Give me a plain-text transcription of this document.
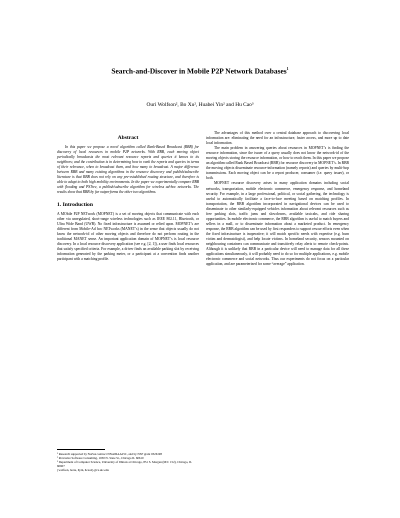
Search-and-Discover in Mobile P2P Network Databases$^1$
Ouri Wolfson², Bo Xu², Huabei Yin² and Hu Cao³
Abstract

In this paper we propose a novel algorithm called Rank-Based Broadcast (RBB) for discovery of local resources in mobile P2P networks. With RBB, each moving object periodically broadcasts the most relevant resource reports and queries it knows to its neighbors; and the contribution is in determining how to rank the reports and queries in terms of their relevance, when to broadcast them, and how many to broadcast. A major difference between RBB and many existing algorithms in the resource discovery and publish/subscribe literature is that RBB does not rely on any pre-established routing structure, and therefore is able to adapt to both high mobility environments. In the paper we experimentally compare RBB with flooding and PSTree, a publish/subscribe algorithm for wireless ad-hoc networks. The results show that RBB by far outperforms the other two algorithms.

1. Introduction

A MObile P2P NETwork (MOPNET) is a set of moving objects that communicate with each other via unregulated, short-range wireless technologies such as IEEE 802.11, Bluetooth, or Ultra Wide Band (UWB). No fixed infrastructure is assumed or relied upon. MOPNET’s are different from Mobile-Ad hoc NETworks (MANET’s) in the sense that objects usually do not know the network-id of other moving objects and therefore do not perform routing in the traditional MANET sense. An important application domain of MOPNET’s is local resource discovery. In a local resource discovery application (see e.g. [2, 1]), a user finds local resources that satisfy specified criteria. For example, a driver finds an available parking slot by receiving information generated by the parking meter, or a participant at a convention finds another participant with a matching profile.

¹ Research supported by NASA contract NNA06AA25C, and by NSF grant 0326198

² Pervasive Software Consulting, 1030 N. State St., Chicago IL 60610

³ Department of Computer Science, University of Illinois at Chicago, 851 S. Morgan (M/C 152), Chicago, IL 60607

{wolfson, boxu, hyin, hcao2}@cs.uic.edu

The advantages of this method over a central database approach to discovering local information are: eliminating the need for an infrastructure, faster access, and more up to date local information.

The main problem in answering queries about resources in MOPNET’s is finding the resource information, since the issuer of a query usually does not know the network-id of the moving objects storing the resource information, or how to reach them. In this paper we propose an algorithm called Rank Based Broadcast (RBB) for resource discovery in MOPNET’s. In RBB the moving objects disseminate resource-information (namely reports) and queries by multi-hop transmissions. Each moving object can be a report producer, consumer (i.e. query issuer), or both.

MOPNET resource discovery arises in many application domains including social networks, transportation, mobile electronic commerce, emergency response, and homeland security. For example, in a large professional, political, or social gathering, the technology is useful to automatically facilitate a face-to-face meeting based on matching profiles. In transportation, the RBB algorithm incorporated in navigational devices can be used to disseminate to other similarly-equipped vehicles information about relevant resources such as free parking slots, traffic jams and slowdowns, available taxicabs, and ride sharing opportunities. In mobile electronic commerce, the RBB algorithm is useful to match buyers and sellers in a mall, or to disseminate information about a marketed product. In emergency response, the RBB algorithm can be used by first responders to support rescue efforts even when the fixed infrastructure is inoperative; it will match specific needs with expertise (e.g. burn victim and dermatologist), and help locate victims. In homeland security, sensors mounted on neighbouring containers can communicate and transitively relay alerts to remote check-points. Although it is unlikely that RBB in a particular device will need to manage data for all these applications simultaneously, it will probably need to do so for multiple applications, e.g. mobile electronic commerce and social networks. Thus our experiments do not focus on a particular application, and are parameterized for some “average” application.
